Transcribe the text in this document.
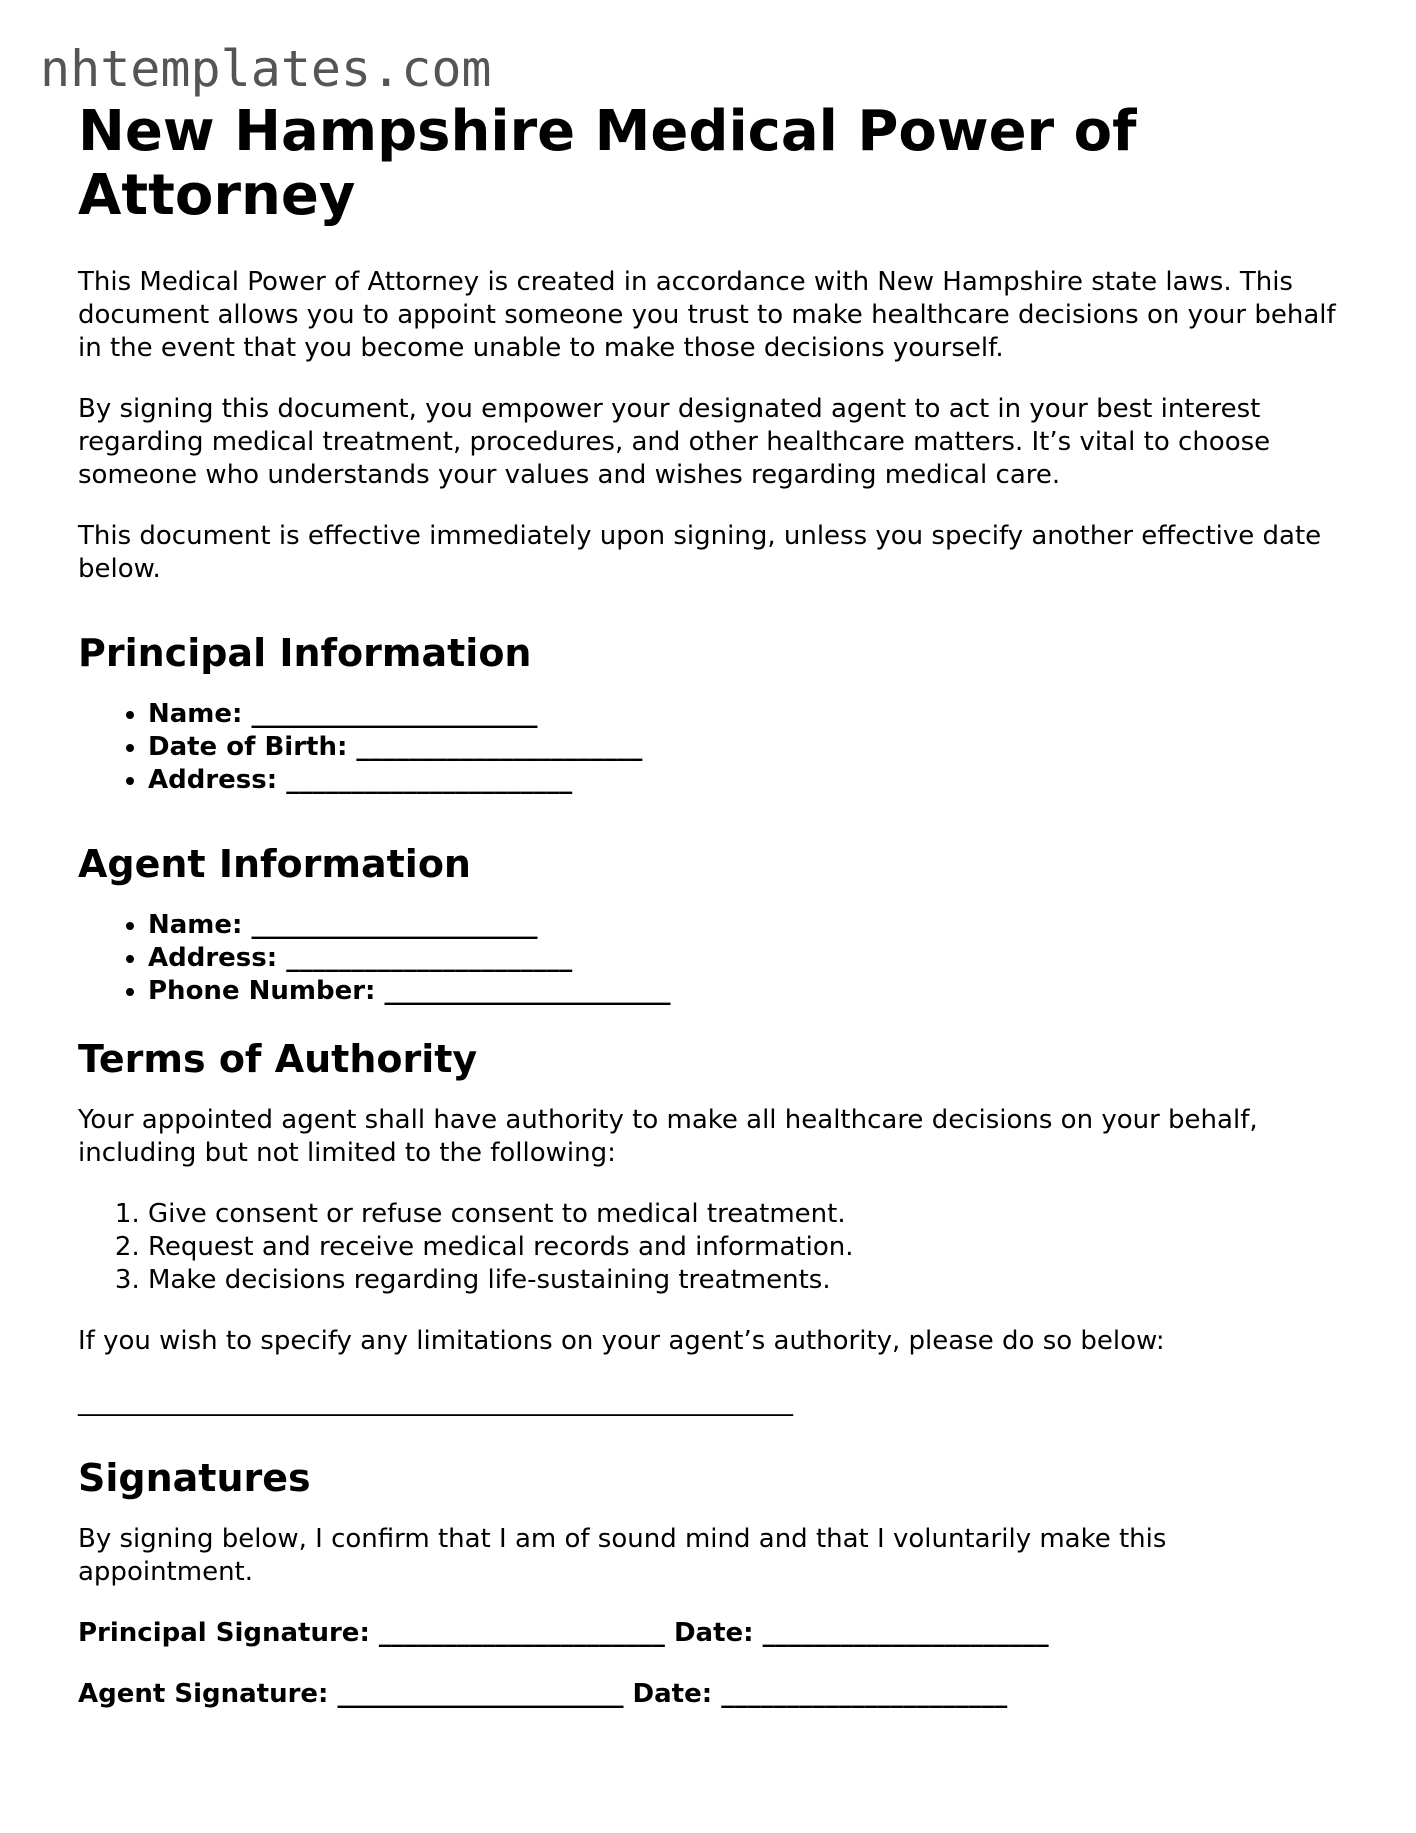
nhtemplates.com
New Hampshire Medical Power of Attorney

This Medical Power of Attorney is created in accordance with New Hampshire state laws. This document allows you to appoint someone you trust to make healthcare decisions on your behalf in the event that you become unable to make those decisions yourself.

By signing this document, you empower your designated agent to act in your best interest regarding medical treatment, procedures, and other healthcare matters. It’s vital to choose someone who understands your values and wishes regarding medical care.

This document is effective immediately upon signing, unless you specify another effective date below.

Principal Information
• Name: ______________________
• Date of Birth: ______________________
• Address: ______________________
Agent Information
• Name: ______________________
• Address: ______________________
• Phone Number: ______________________
Terms of Authority

Your appointed agent shall have authority to make all healthcare decisions on your behalf, including but not limited to the following:

1. Give consent or refuse consent to medical treatment.
2. Request and receive medical records and information.
3. Make decisions regarding life-sustaining treatments.

If you wish to specify any limitations on your agent’s authority, please do so below:

_______________________________________________________
Signatures

By signing below, I confirm that I am of sound mind and that I voluntarily make this appointment.

Principal Signature: ______________________ Date: ______________________
Agent Signature: ______________________ Date: ______________________
